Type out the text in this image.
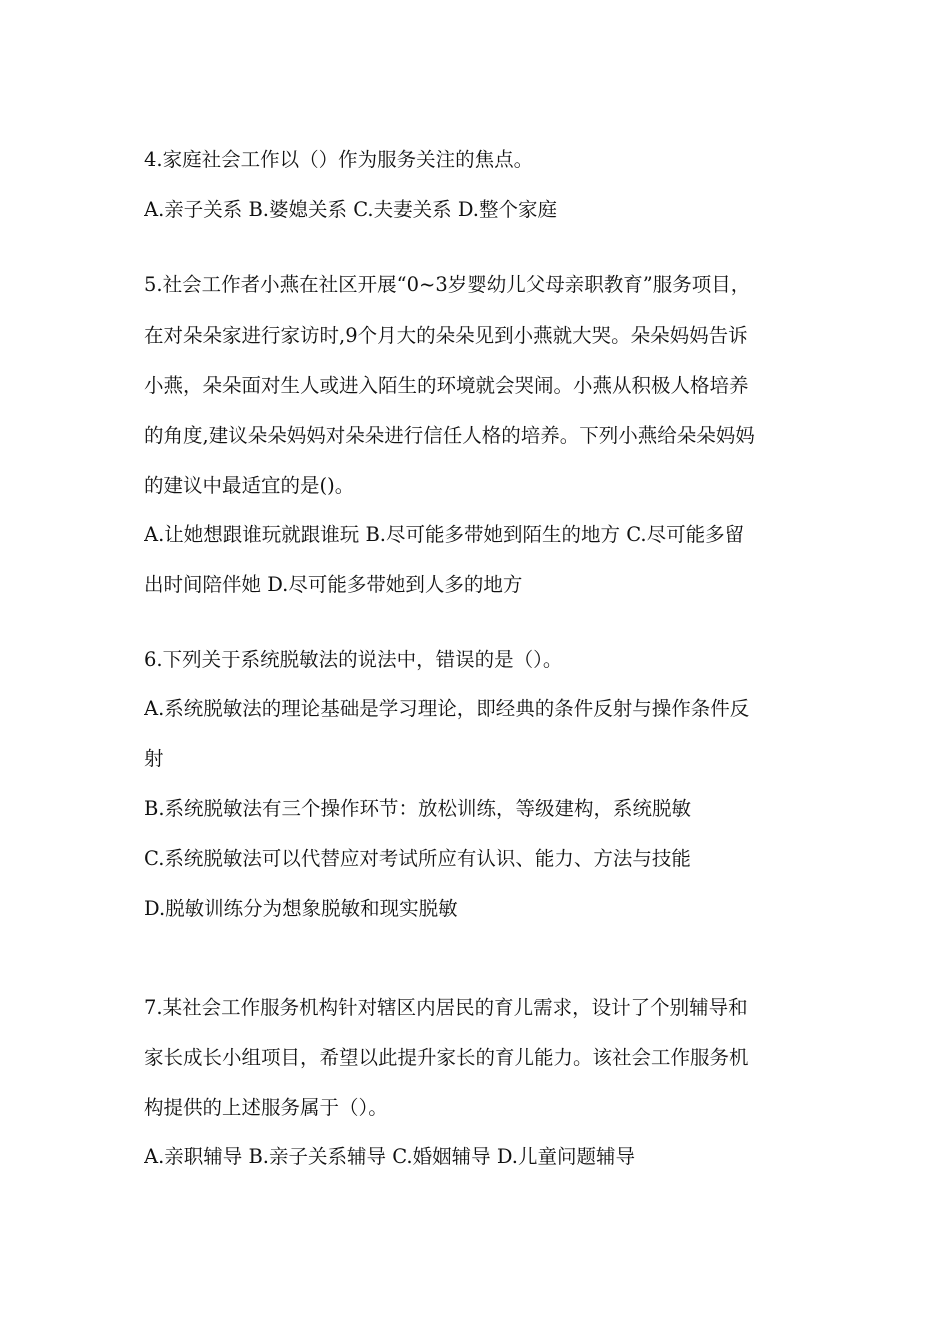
4.家庭社会工作以（）作为服务关注的焦点。
A.亲子关系 B.婆媳关系 C.夫妻关系 D.整个家庭
5.社会工作者小燕在社区开展“0~3岁婴幼儿父母亲职教育”服务项目，
在对朵朵家进行家访时,9个月大的朵朵见到小燕就大哭。朵朵妈妈告诉
小燕，朵朵面对生人或进入陌生的环境就会哭闹。小燕从积极人格培养
的角度,建议朵朵妈妈对朵朵进行信任人格的培养。下列小燕给朵朵妈妈
的建议中最适宜的是()。
A.让她想跟谁玩就跟谁玩 B.尽可能多带她到陌生的地方 C.尽可能多留
出时间陪伴她 D.尽可能多带她到人多的地方
6.下列关于系统脱敏法的说法中，错误的是（）。
A.系统脱敏法的理论基础是学习理论，即经典的条件反射与操作条件反
射
B.系统脱敏法有三个操作环节：放松训练，等级建构，系统脱敏
C.系统脱敏法可以代替应对考试所应有认识、能力、方法与技能
D.脱敏训练分为想象脱敏和现实脱敏
7.某社会工作服务机构针对辖区内居民的育儿需求，设计了个别辅导和
家长成长小组项目，希望以此提升家长的育儿能力。该社会工作服务机
构提供的上述服务属于（）。
A.亲职辅导 B.亲子关系辅导 C.婚姻辅导 D.儿童问题辅导
